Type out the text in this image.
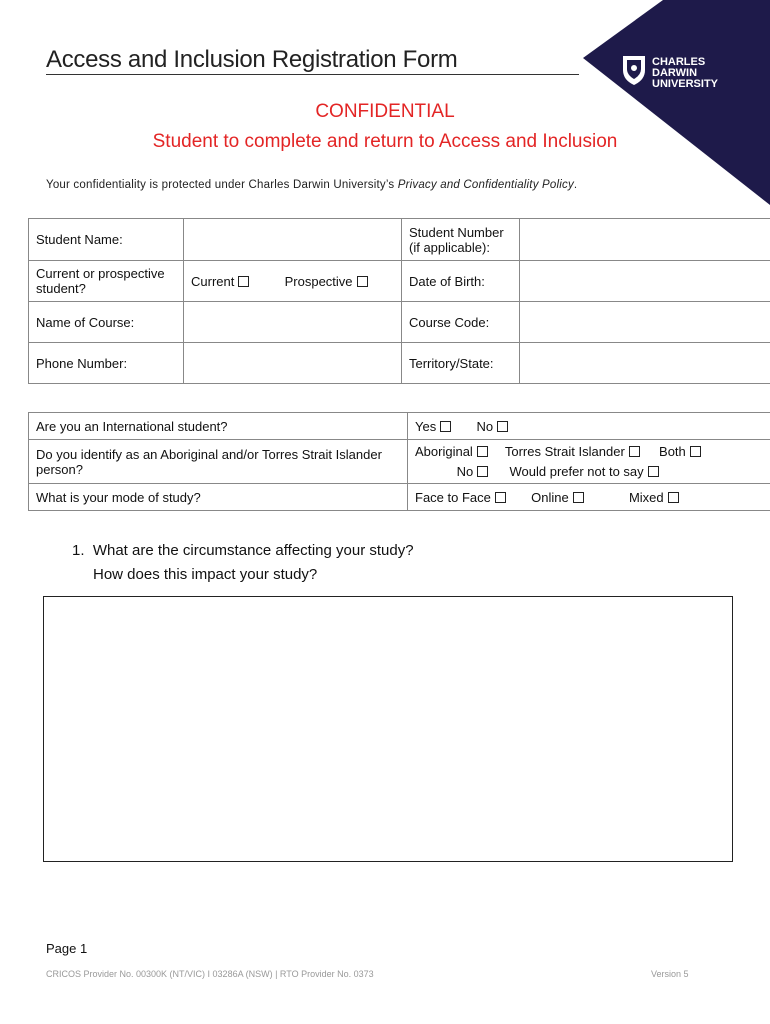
CHARLES
DARWIN
UNIVERSITY
Access and Inclusion Registration Form
CONFIDENTIAL
Student to complete and return to Access and Inclusion
Your confidentiality is protected under Charles Darwin University’s Privacy and Confidentiality Policy.
Student Name:		Student Number (if applicable):	
Current or prospective student?	Current Prospective	Date of Birth:	
Name of Course:		Course Code:	
Phone Number:		Territory/State:	
Are you an International student?	Yes No
Do you identify as an Aboriginal and/or Torres Strait Islander person?	Aboriginal Torres Strait Islander Both
No Would prefer not to say

What is your mode of study?	Face to Face Online Mixed
1.  What are the circumstance affecting your study?
How does this impact your study?
Page 1
CRICOS Provider No. 00300K (NT/VIC) I 03286A (NSW) | RTO Provider No. 0373	Version 5
